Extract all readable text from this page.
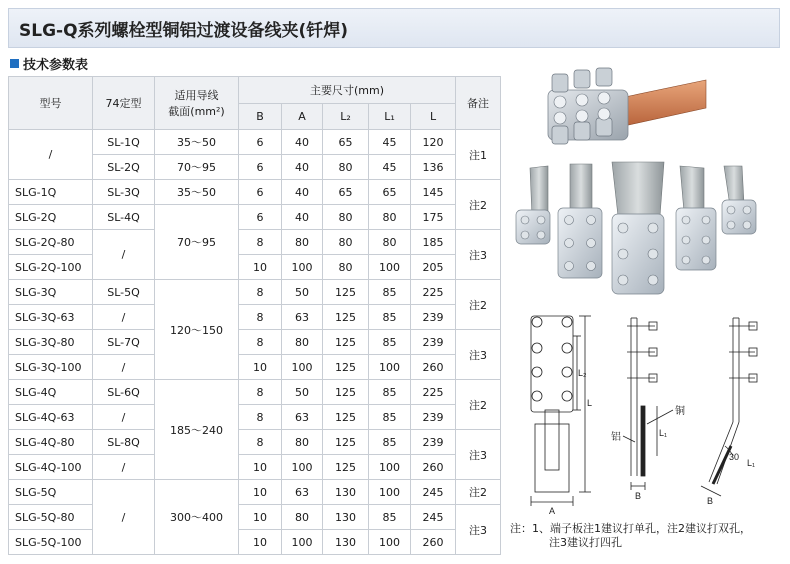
SLG-Q系列螺栓型铜铝过渡设备线夹(钎焊)
技术参数表
型号	74定型	适用导线
截面(mm²)	主要尺寸(mm)					备注
			B	A	L₂	L₁	L	
/	SL-1Q	35～50	6	40	65	45	120	注1
	SL-2Q	70～95	6	40	80	45	136	
SLG-1Q	SL-3Q	35～50	6	40	65	65	145	注2
SLG-2Q	SL-4Q	70～95	6	40	80	80	175	
SLG-2Q-80	/		8	80	80	80	185	注3
SLG-2Q-100			10	100	80	100	205	
SLG-3Q	SL-5Q	120～150	8	50	125	85	225	注2
SLG-3Q-63	/		8	63	125	85	239	
SLG-3Q-80	SL-7Q		8	80	125	85	239	注3
SLG-3Q-100	/		10	100	125	100	260	
SLG-4Q	SL-6Q	185～240	8	50	125	85	225	注2
SLG-4Q-63	/		8	63	125	85	239	
SLG-4Q-80	SL-8Q		8	80	125	85	239	注3
SLG-4Q-100	/		10	100	125	100	260	
SLG-5Q	/	300～400	10	63	130	100	245	注2
SLG-5Q-80			10	80	130	85	245	注3
SLG-5Q-100			10	100	130	100	260	
A
L
L₂
B
L₁
铜
铝
30
L₁
B
注：1、端子板注1建议打单孔，注2建议打双孔，
注3建议打四孔
